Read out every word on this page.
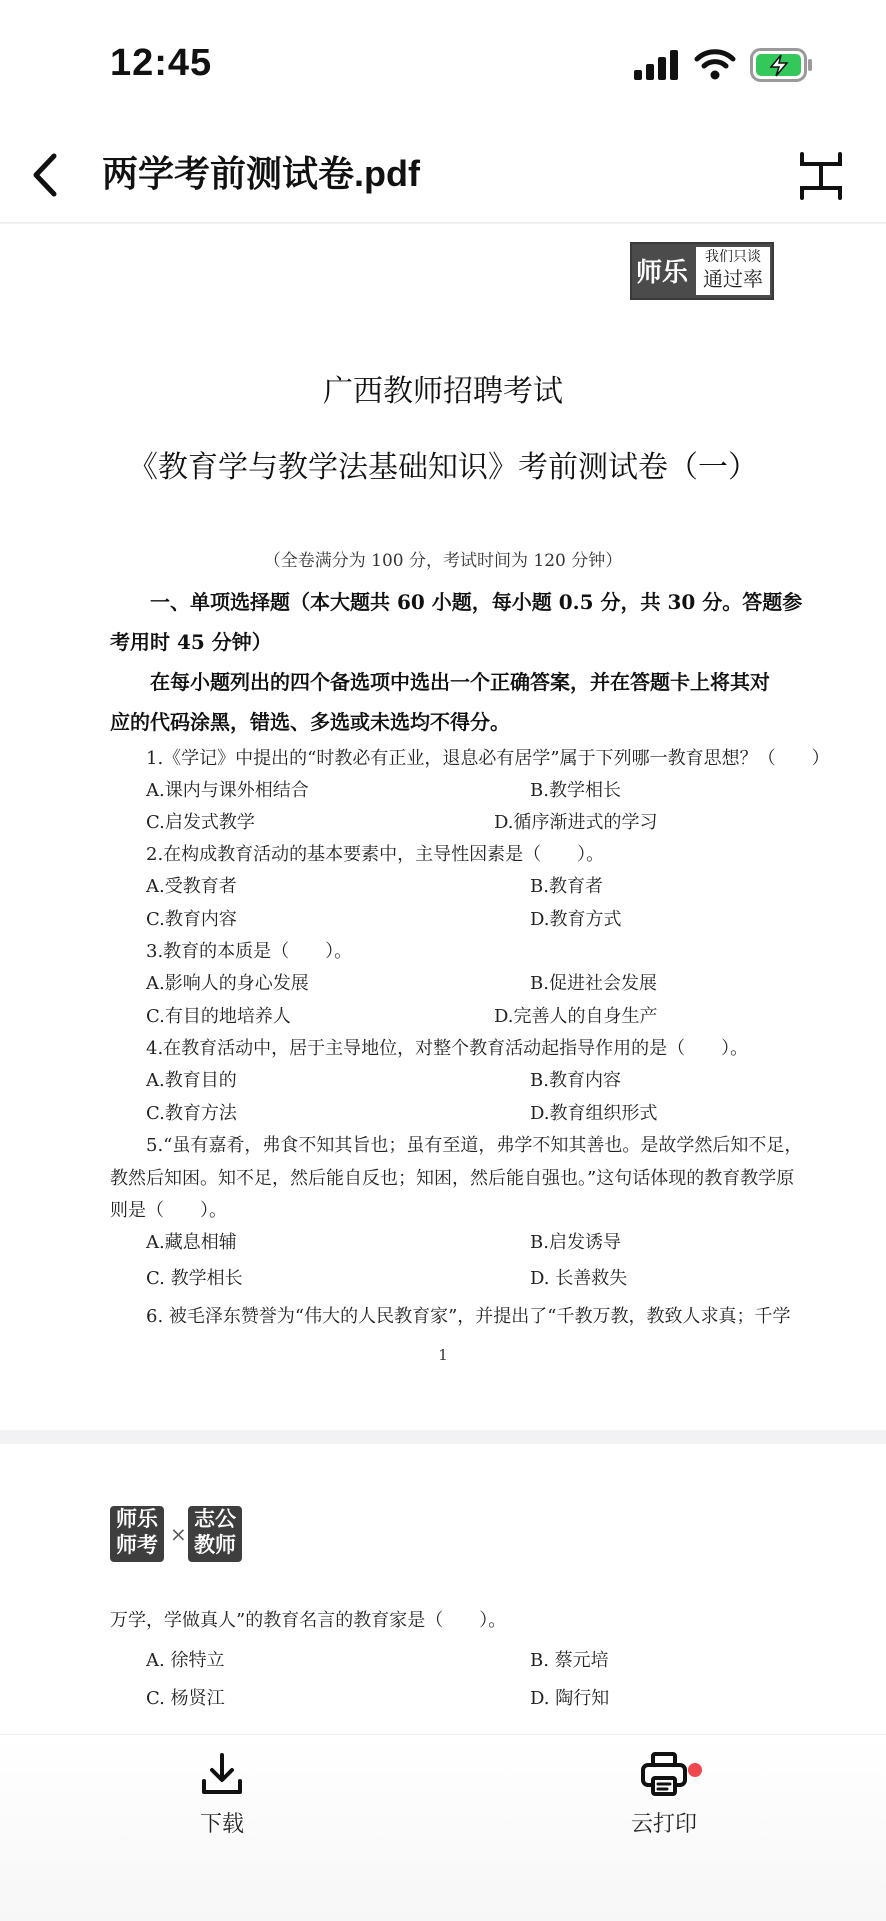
12:45
两学考前测试卷.pdf
师乐
我们只谈
通过率
广西教师招聘考试
《教育学与教学法基础知识》考前测试卷（一）
（全卷满分为 100 分，考试时间为 120 分钟）
一、单项选择题（本大题共 60 小题，每小题 0.5 分，共 30 分。答题参
考用时 45 分钟）
在每小题列出的四个备选项中选出一个正确答案，并在答题卡上将其对
应的代码涂黑，错选、多选或未选均不得分。
1.《学记》中提出的“时教必有正业，退息必有居学”属于下列哪一教育思想？（　　）
A.课内与课外相结合	B.教学相长
C.启发式教学	D.循序渐进式的学习
2.在构成教育活动的基本要素中，主导性因素是（　　）。
A.受教育者	B.教育者
C.教育内容	D.教育方式
3.教育的本质是（　　）。
A.影响人的身心发展	B.促进社会发展
C.有目的地培养人	D.完善人的自身生产
4.在教育活动中，居于主导地位，对整个教育活动起指导作用的是（　　）。
A.教育目的	B.教育内容
C.教育方法	D.教育组织形式
5.“虽有嘉肴，弗食不知其旨也；虽有至道，弗学不知其善也。是故学然后知不足，
教然后知困。知不足，然后能自反也；知困，然后能自强也。”这句话体现的教育教学原
则是（　　）。
A.藏息相辅	B.启发诱导
C. 教学相长	D. 长善救失
6. 被毛泽东赞誉为“伟大的人民教育家”，并提出了“千教万教，教致人求真；千学
1
师乐
师考 ×
志公
教师
万学，学做真人”的教育名言的教育家是（　　）。
A. 徐特立	B. 蔡元培
C. 杨贤江	D. 陶行知
下载	云打印
